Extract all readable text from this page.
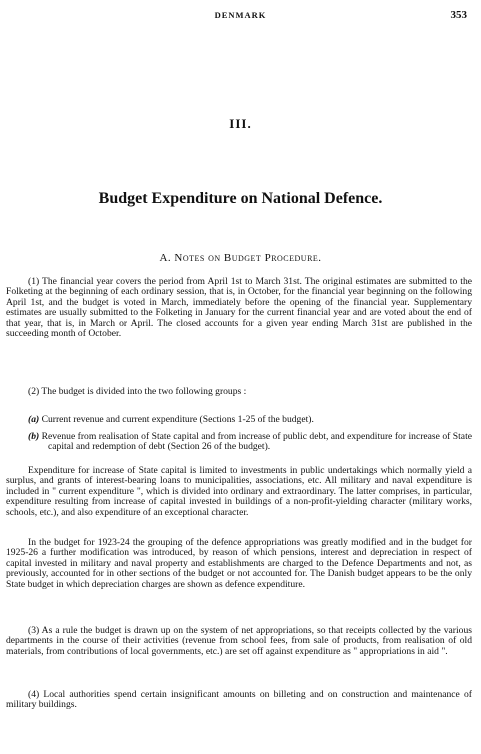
DENMARK	353
III.
Budget Expenditure on National Defence.
A. Notes on Budget Procedure.

(1) The financial year covers the period from April 1st to March 31st. The original estimates are submitted to the Folketing at the beginning of each ordinary session, that is, in October, for the financial year beginning on the following April 1st, and the budget is voted in March, immediately before the opening of the financial year. Supplementary estimates are usually submitted to the Folketing in January for the current financial year and are voted about the end of that year, that is, in March or April. The closed accounts for a given year ending March 31st are published in the succeeding month of October.

(2) The budget is divided into the two following groups :

(a) Current revenue and current expenditure (Sections 1-25 of the budget).
(b) Revenue from realisation of State capital and from increase of public debt, and expenditure for increase of State capital and redemption of debt (Section 26 of the budget).

Expenditure for increase of State capital is limited to investments in public undertakings which normally yield a surplus, and grants of interest-bearing loans to municipalities, associations, etc. All military and naval expenditure is included in " current expenditure ", which is divided into ordinary and extraordinary. The latter comprises, in particular, expenditure resulting from increase of capital invested in buildings of a non-profit-yielding character (military works, schools, etc.), and also expenditure of an exceptional character.

In the budget for 1923-24 the grouping of the defence appropriations was greatly modified and in the budget for 1925-26 a further modification was introduced, by reason of which pensions, interest and depreciation in respect of capital invested in military and naval property and establishments are charged to the Defence Departments and not, as previously, accounted for in other sections of the budget or not accounted for. The Danish budget appears to be the only State budget in which depreciation charges are shown as defence expenditure.

(3) As a rule the budget is drawn up on the system of net appropriations, so that receipts collected by the various departments in the course of their activities (revenue from school fees, from sale of products, from realisation of old materials, from contributions of local governments, etc.) are set off against expenditure as " appropriations in aid ".

(4) Local authorities spend certain insignificant amounts on billeting and on construction and maintenance of military buildings.
